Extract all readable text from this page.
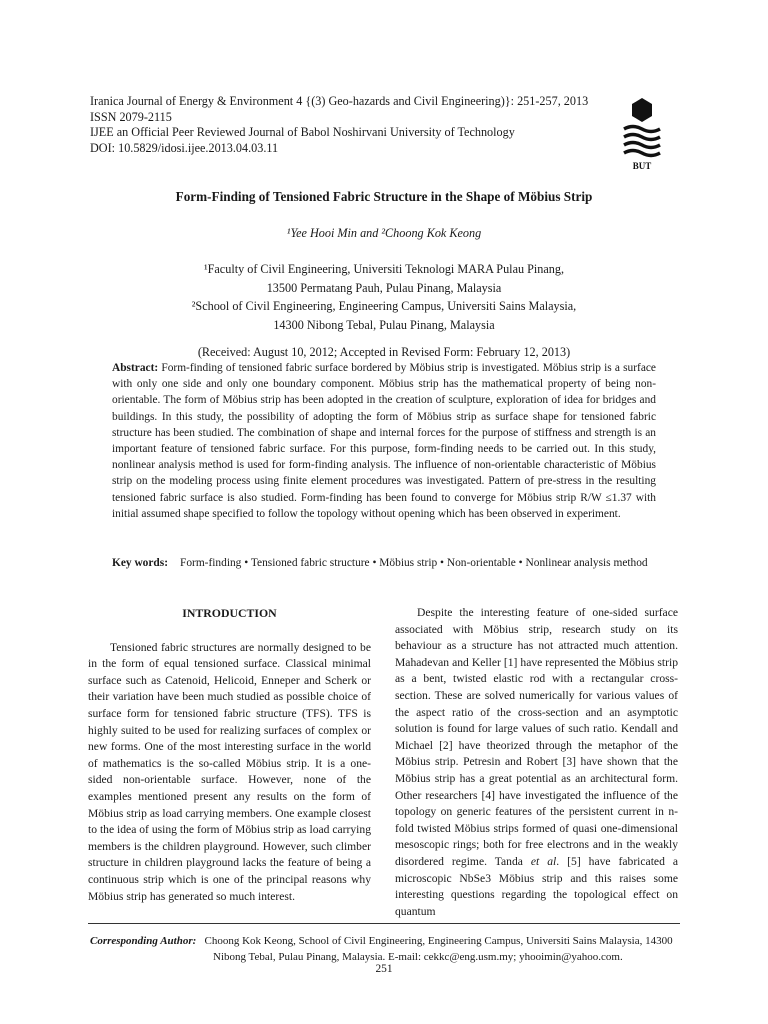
Iranica Journal of Energy & Environment 4 {(3) Geo-hazards and Civil Engineering)}: 251-257, 2013
ISSN 2079-2115
IJEE an Official Peer Reviewed Journal of Babol Noshirvani University of Technology
DOI: 10.5829/idosi.ijee.2013.04.03.11
BUT
Form-Finding of Tensioned Fabric Structure in the Shape of Möbius Strip
¹Yee Hooi Min and ²Choong Kok Keong
¹Faculty of Civil Engineering, Universiti Teknologi MARA Pulau Pinang,
13500 Permatang Pauh, Pulau Pinang, Malaysia
²School of Civil Engineering, Engineering Campus, Universiti Sains Malaysia,
14300 Nibong Tebal, Pulau Pinang, Malaysia
(Received: August 10, 2012; Accepted in Revised Form: February 12, 2013)
Abstract: Form-finding of tensioned fabric surface bordered by Möbius strip is investigated. Möbius strip is a surface with only one side and only one boundary component. Möbius strip has the mathematical property of being non-orientable. The form of Möbius strip has been adopted in the creation of sculpture, exploration of idea for bridges and buildings. In this study, the possibility of adopting the form of Möbius strip as surface shape for tensioned fabric structure has been studied. The combination of shape and internal forces for the purpose of stiffness and strength is an important feature of tensioned fabric surface. For this purpose, form-finding needs to be carried out. In this study, nonlinear analysis method is used for form-finding analysis. The influence of non-orientable characteristic of Möbius strip on the modeling process using finite element procedures was investigated. Pattern of pre-stress in the resulting tensioned fabric surface is also studied. Form-finding has been found to converge for Möbius strip R/W ≤1.37 with initial assumed shape specified to follow the topology without opening which has been observed in experiment.
Key words: Form-finding • Tensioned fabric structure • Möbius strip • Non-orientable • Nonlinear analysis method

INTRODUCTION

Tensioned fabric structures are normally designed to be in the form of equal tensioned surface. Classical minimal surface such as Catenoid, Helicoid, Enneper and Scherk or their variation have been much studied as possible choice of surface form for tensioned fabric structure (TFS). TFS is highly suited to be used for realizing surfaces of complex or new forms. One of the most interesting surface in the world of mathematics is the so-called Möbius strip. It is a one-sided non-orientable surface. However, none of the examples mentioned present any results on the form of Möbius strip as load carrying members. One example closest to the idea of using the form of Möbius strip as load carrying members is the children playground. However, such climber structure in children playground lacks the feature of being a continuous strip which is one of the principal reasons why Möbius strip has generated so much interest.

Despite the interesting feature of one-sided surface associated with Möbius strip, research study on its behaviour as a structure has not attracted much attention. Mahadevan and Keller [1] have represented the Möbius strip as a bent, twisted elastic rod with a rectangular cross-section. These are solved numerically for various values of the aspect ratio of the cross-section and an asymptotic solution is found for large values of such ratio. Kendall and Michael [2] have theorized through the metaphor of the Möbius strip. Petresin and Robert [3] have shown that the Möbius strip has a great potential as an architectural form. Other researchers [4] have investigated the influence of the topology on generic features of the persistent current in n-fold twisted Möbius strips formed of quasi one-dimensional mesoscopic rings; both for free electrons and in the weakly disordered regime. Tanda et al. [5] have fabricated a microscopic NbSe3 Möbius strip and this raises some interesting questions regarding the topological effect on quantum

Corresponding Author: Choong Kok Keong, School of Civil Engineering, Engineering Campus, Universiti Sains Malaysia, 14300
Nibong Tebal, Pulau Pinang, Malaysia. E-mail: cekkc@eng.usm.my; yhooimin@yahoo.com.
251
